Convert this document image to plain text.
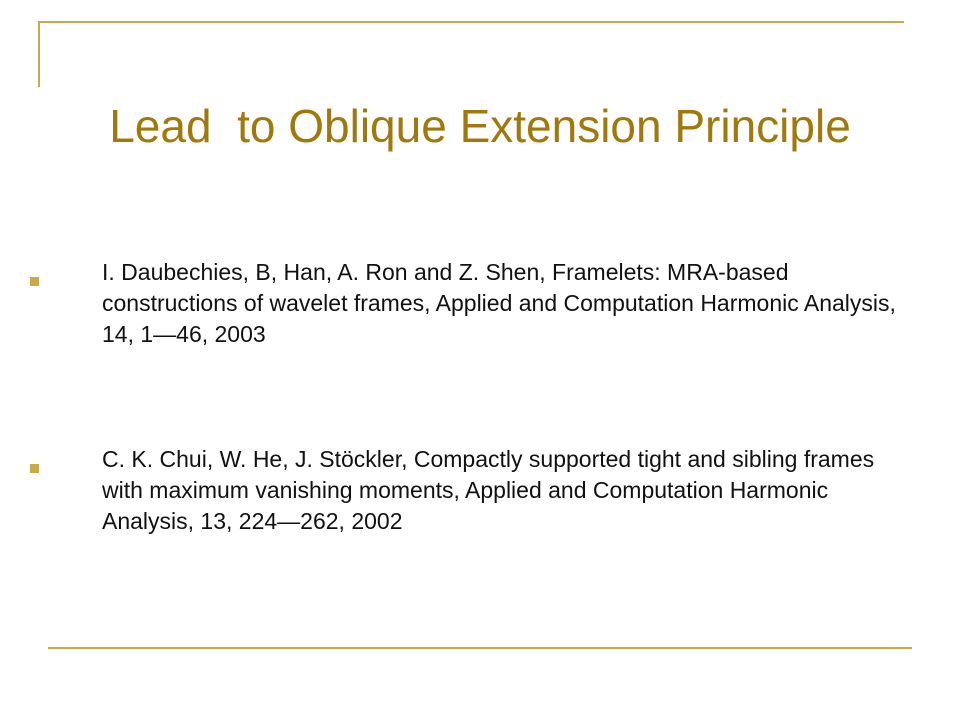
Lead  to Oblique Extension Principle

I. Daubechies, B, Han, A. Ron and Z. Shen, Framelets: MRA-based constructions of wavelet frames, Applied and Computation Harmonic Analysis, 14, 1—46, 2003

C. K. Chui, W. He, J. Stöckler, Compactly supported tight and sibling frames with maximum vanishing moments, Applied and Computation Harmonic Analysis, 13, 224—262, 2002
